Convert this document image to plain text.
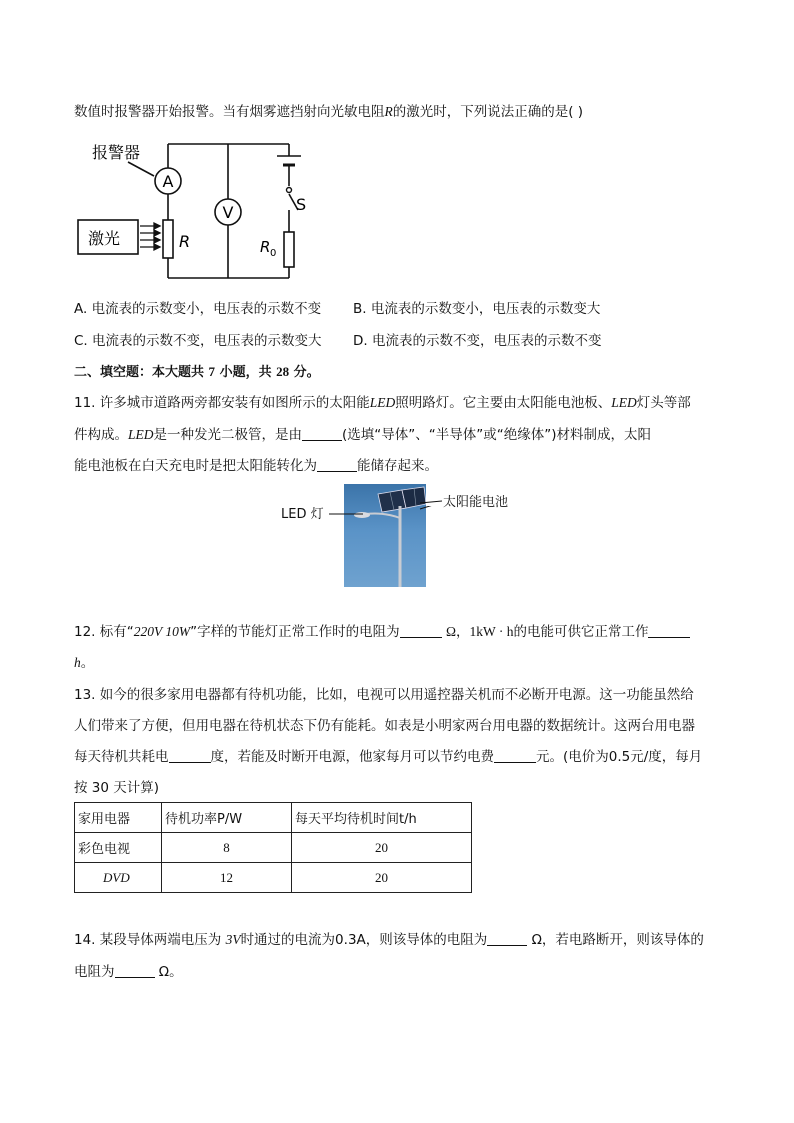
数值时报警器开始报警。当有烟雾遮挡射向光敏电阻R的激光时，下列说法正确的是( )
A
V
报警器
激光	R
S
R 0
A. 电流表的示数变小，电压表的示数不变 B. 电流表的示数变小，电压表的示数变大
C. 电流表的示数不变，电压表的示数变大 D. 电流表的示数不变，电压表的示数不变
二、填空题：本大题共 7 小题，共 28 分。
11. 许多城市道路两旁都安装有如图所示的太阳能LED照明路灯。它主要由太阳能电池板、LED灯头等部
件构成。LED是一种发光二极管，是由	(选填“导体”、“半导体”或“绝缘体”)材料制成，太阳
能电池板在白天充电时是把太阳能转化为	能储存起来。
LED 灯
太阳能电池
12. 标有“220V 10W”字样的节能灯正常工作时的电阻为	Ω，1kW · h的电能可供它正常工作
h。
13. 如今的很多家用电器都有待机功能，比如，电视可以用遥控器关机而不必断开电源。这一功能虽然给
人们带来了方便，但用电器在待机状态下仍有能耗。如表是小明家两台用电器的数据统计。这两台用电器
每天待机共耗电	度，若能及时断开电源，他家每月可以节约电费	元。(电价为0.5元/度，每月
按 30 天计算)
家用电器	待机功率P/W	每天平均待机时间t/h
彩色电视	8	20
DVD	12	20
14. 某段导体两端电压为 3V时通过的电流为0.3A，则该导体的电阻为	Ω，若电路断开，则该导体的
电阻为	Ω。
